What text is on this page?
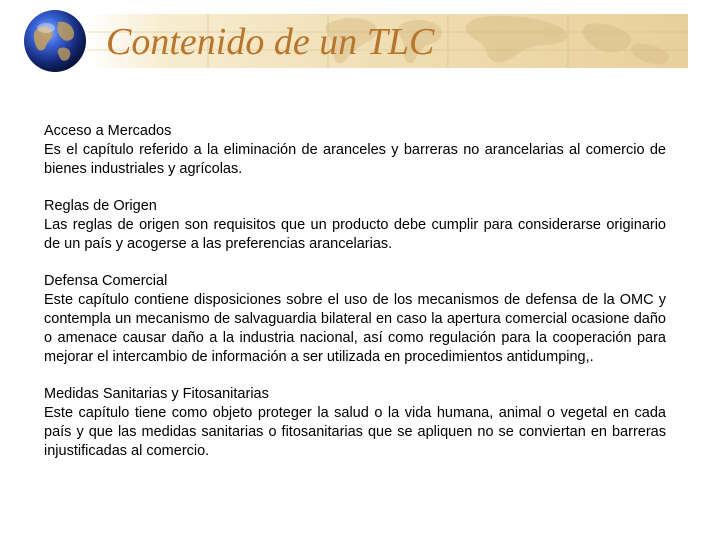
Contenido de un TLC
Acceso a Mercados
Es el capítulo referido a la eliminación de aranceles y barreras no arancelarias al comercio de bienes industriales y agrícolas.
Reglas de Origen
Las reglas de origen son requisitos que un producto debe cumplir para considerarse originario de un país y acogerse a las preferencias arancelarias.
Defensa Comercial
Este capítulo contiene disposiciones sobre el uso de los mecanismos de defensa de la OMC y contempla un mecanismo de salvaguardia bilateral en caso la apertura comercial ocasione daño o amenace causar daño a la industria nacional, así como regulación para la cooperación para mejorar el intercambio de información a ser utilizada en procedimientos antidumping,.
Medidas Sanitarias y Fitosanitarias
Este capítulo tiene como objeto proteger la salud o la vida humana, animal o vegetal en cada país y que las medidas sanitarias o fitosanitarias que se apliquen no se conviertan en barreras injustificadas al comercio.
